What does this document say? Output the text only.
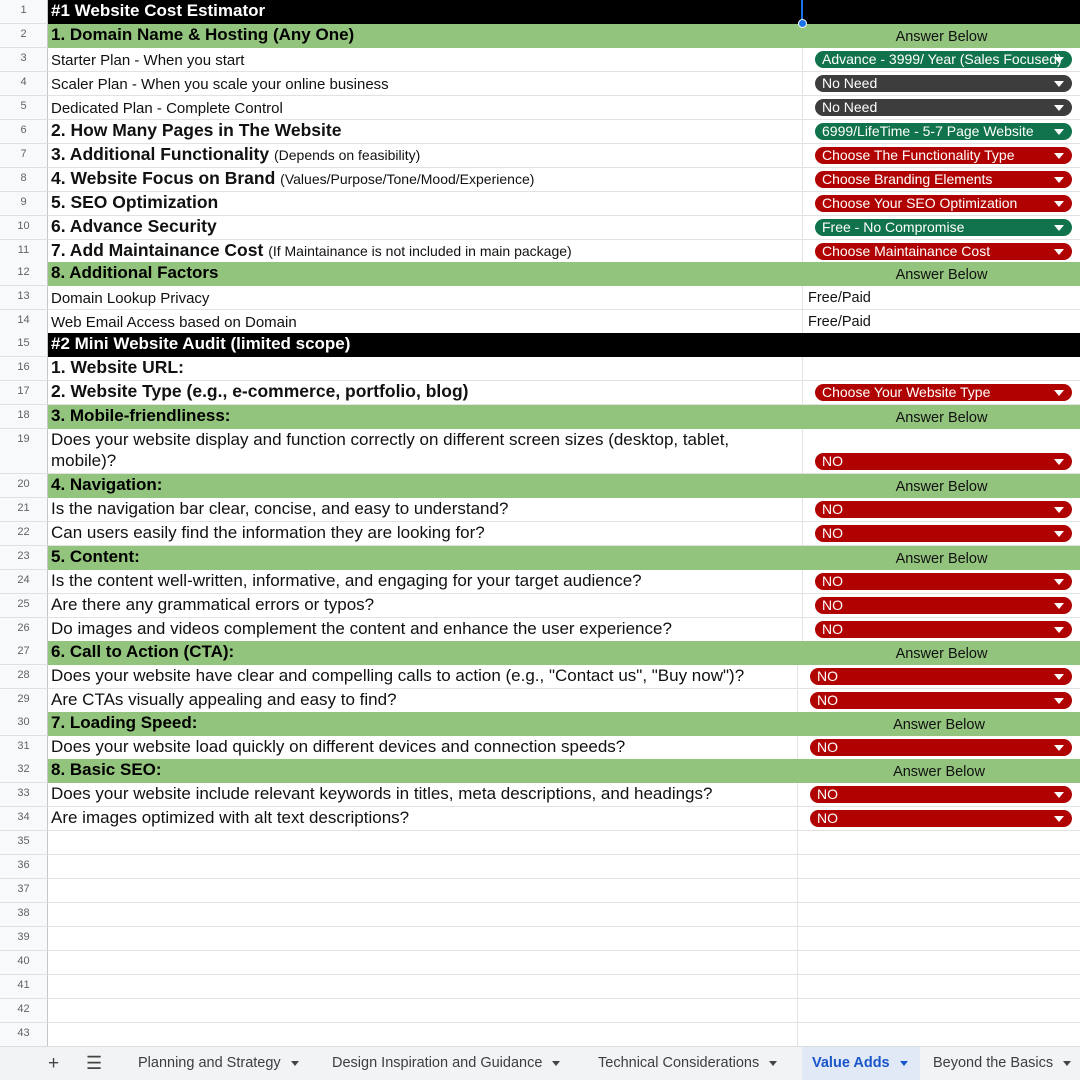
1	#1 Website Cost Estimator
2	1. Domain Name & Hosting (Any One)	Answer Below
3	Starter Plan - When you start	Advance - 3999/ Year (Sales Focused)
4	Scaler Plan - When you scale your online business	No Need
5	Dedicated Plan - Complete Control	No Need
6	2. How Many Pages in The Website	6999/LifeTime - 5-7 Page Website
7	3. Additional Functionality (Depends on feasibility)	Choose The Functionality Type
8	4. Website Focus on Brand (Values/Purpose/Tone/Mood/Experience)	Choose Branding Elements
9	5. SEO Optimization	Choose Your SEO Optimization
10	6. Advance Security	Free - No Compromise
11	7. Add Maintainance Cost (If Maintainance is not included in main package)	Choose Maintainance Cost
12	8. Additional Factors	Answer Below
13	Domain Lookup Privacy	Free/Paid
14	Web Email Access based on Domain	Free/Paid
15	#2 Mini Website Audit (limited scope)
16	1. Website URL:
17	2. Website Type (e.g., e-commerce, portfolio, blog)	Choose Your Website Type
18	3. Mobile-friendliness:	Answer Below
19	Does your website display and function correctly on different screen sizes (desktop, tablet,
mobile)?	NO
20	4. Navigation:	Answer Below
21	Is the navigation bar clear, concise, and easy to understand?	NO
22	Can users easily find the information they are looking for?	NO
23	5. Content:	Answer Below
24	Is the content well-written, informative, and engaging for your target audience?	NO
25	Are there any grammatical errors or typos?	NO
26	Do images and videos complement the content and enhance the user experience?	NO
27	6. Call to Action (CTA):	Answer Below
28	Does your website have clear and compelling calls to action (e.g., "Contact us", "Buy now")?	NO
29	Are CTAs visually appealing and easy to find?	NO
30	7. Loading Speed:	Answer Below
31	Does your website load quickly on different devices and connection speeds?	NO
32	8. Basic SEO:	Answer Below
33	Does your website include relevant keywords in titles, meta descriptions, and headings?	NO
34	Are images optimized with alt text descriptions?	NO
35
36
37
38
39
40
41
42
43
+ ☰	Planning and Strategy	Design Inspiration and Guidance	Technical Considerations	Value Adds	Beyond the Basics
